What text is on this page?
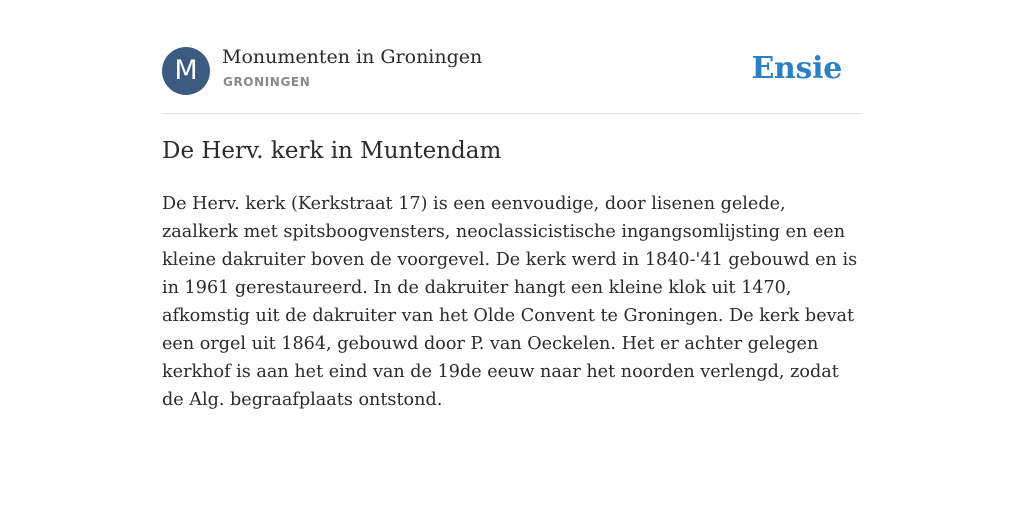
M	Monumenten in Groningen
GRONINGEN	Ensie
De Herv. kerk in Muntendam

De Herv. kerk (Kerkstraat 17) is een eenvoudige, door lisenen gelede, zaalkerk met spitsboogvensters, neoclassicistische ingangsomlijsting en een kleine dakruiter boven de voorgevel. De kerk werd in 1840-'41 gebouwd en is in 1961 gerestaureerd. In de dakruiter hangt een kleine klok uit 1470, afkomstig uit de dakruiter van het Olde Convent te Groningen. De kerk bevat een orgel uit 1864, gebouwd door P. van Oeckelen. Het er achter gelegen kerkhof is aan het eind van de 19de eeuw naar het noorden verlengd, zodat de Alg. begraafplaats ontstond.
